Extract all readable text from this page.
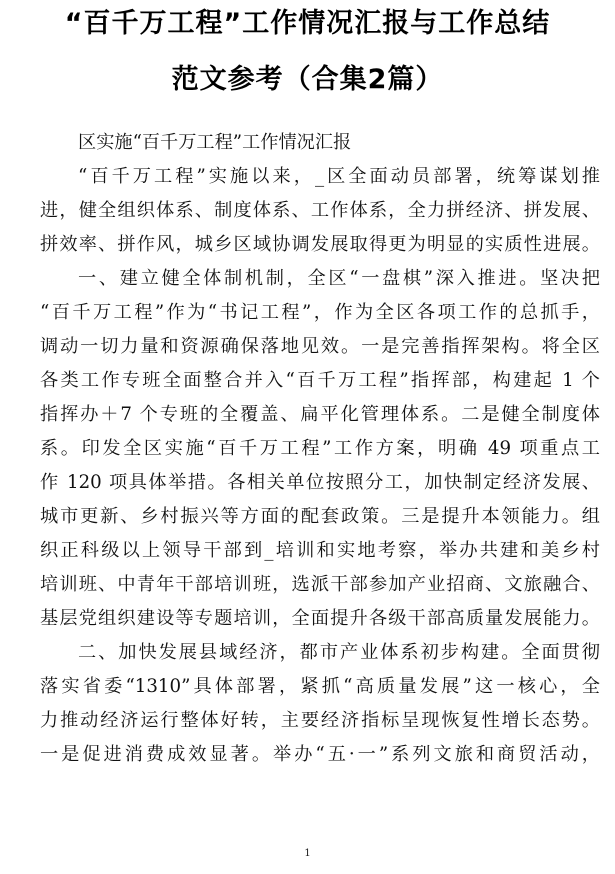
“百千万工程”工作情况汇报与工作总结
范文参考（合集2篇）
区实施“百千万工程”工作情况汇报
“百千万工程”实施以来，_区全面动员部署，统筹谋划推
进，健全组织体系、制度体系、工作体系，全力拼经济、拼发展、
拼效率、拼作风，城乡区域协调发展取得更为明显的实质性进展。
一、建立健全体制机制，全区“一盘棋”深入推进。坚决把
“百千万工程”作为“书记工程”，作为全区各项工作的总抓手，
调动一切力量和资源确保落地见效。一是完善指挥架构。将全区
各类工作专班全面整合并入“百千万工程”指挥部，构建起 1 个
指挥办＋7 个专班的全覆盖、扁平化管理体系。二是健全制度体
系。印发全区实施“百千万工程”工作方案，明确 49 项重点工
作 120 项具体举措。各相关单位按照分工，加快制定经济发展、
城市更新、乡村振兴等方面的配套政策。三是提升本领能力。组
织正科级以上领导干部到_培训和实地考察，举办共建和美乡村
培训班、中青年干部培训班，选派干部参加产业招商、文旅融合、
基层党组织建设等专题培训，全面提升各级干部高质量发展能力。
二、加快发展县域经济，都市产业体系初步构建。全面贯彻
落实省委“1310”具体部署，紧抓“高质量发展”这一核心，全
力推动经济运行整体好转，主要经济指标呈现恢复性增长态势。
一是促进消费成效显著。举办“五·一”系列文旅和商贸活动，
1
